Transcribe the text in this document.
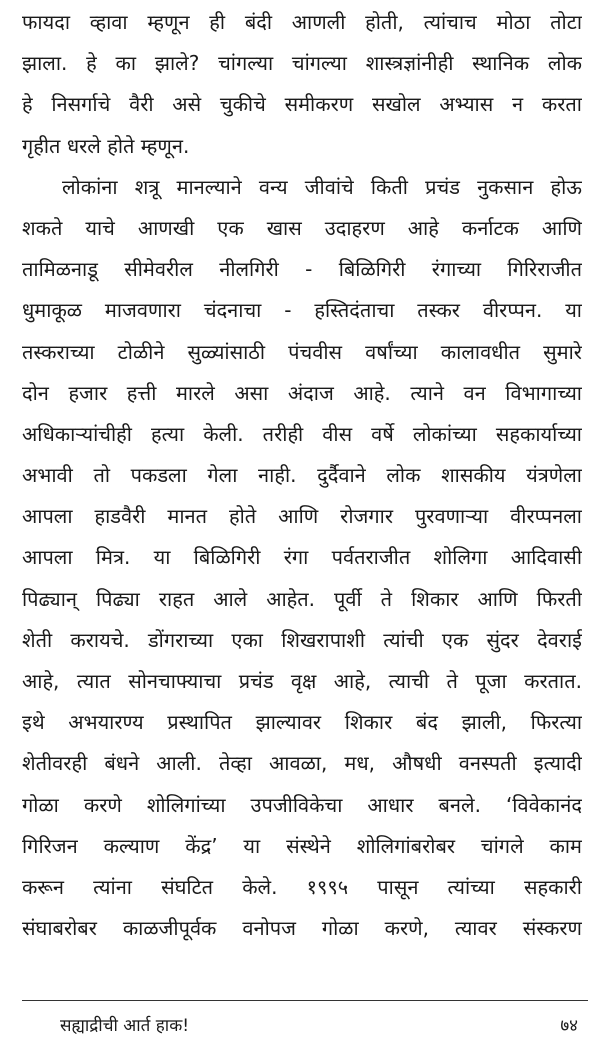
फायदा व्हावा म्हणून ही बंदी आणली होती, त्यांचाच मोठा तोटा
झाला. हे का झाले? चांगल्या चांगल्या शास्त्रज्ञांनीही स्थानिक लोक
हे निसर्गाचे वैरी असे चुकीचे समीकरण सखोल अभ्यास न करता
गृहीत धरले होते म्हणून.
लोकांना शत्रू मानल्याने वन्य जीवांचे किती प्रचंड नुकसान होऊ
शकते याचे आणखी एक खास उदाहरण आहे कर्नाटक आणि
तामिळनाडू सीमेवरील नीलगिरी - बिळिगिरी रंगाच्या गिरिराजीत
धुमाकूळ माजवणारा चंदनाचा - हस्तिदंताचा तस्कर वीरप्पन. या
तस्कराच्या टोळीने सुळ्यांसाठी पंचवीस वर्षांच्या कालावधीत सुमारे
दोन हजार हत्ती मारले असा अंदाज आहे. त्याने वन विभागाच्या
अधिकाऱ्यांचीही हत्या केली. तरीही वीस वर्षे लोकांच्या सहकार्याच्या
अभावी तो पकडला गेला नाही. दुर्दैवाने लोक शासकीय यंत्रणेला
आपला हाडवैरी मानत होते आणि रोजगार पुरवणाऱ्या वीरप्पनला
आपला मित्र. या बिळिगिरी रंगा पर्वतराजीत शोलिगा आदिवासी
पिढ्यान् पिढ्या राहत आले आहेत. पूर्वी ते शिकार आणि फिरती
शेती करायचे. डोंगराच्या एका शिखरापाशी त्यांची एक सुंदर देवराई
आहे, त्यात सोनचाफ्याचा प्रचंड वृक्ष आहे, त्याची ते पूजा करतात.
इथे अभयारण्य प्रस्थापित झाल्यावर शिकार बंद झाली, फिरत्या
शेतीवरही बंधने आली. तेव्हा आवळा, मध, औषधी वनस्पती इत्यादी
गोळा करणे शोलिगांच्या उपजीविकेचा आधार बनले. ‘विवेकानंद
गिरिजन कल्याण केंद्र’ या संस्थेने शोलिगांबरोबर चांगले काम
करून त्यांना संघटित केले. १९९५ पासून त्यांच्या सहकारी
संघाबरोबर काळजीपूर्वक वनोपज गोळा करणे, त्यावर संस्करण
सह्याद्रीची आर्त हाक!	७४
